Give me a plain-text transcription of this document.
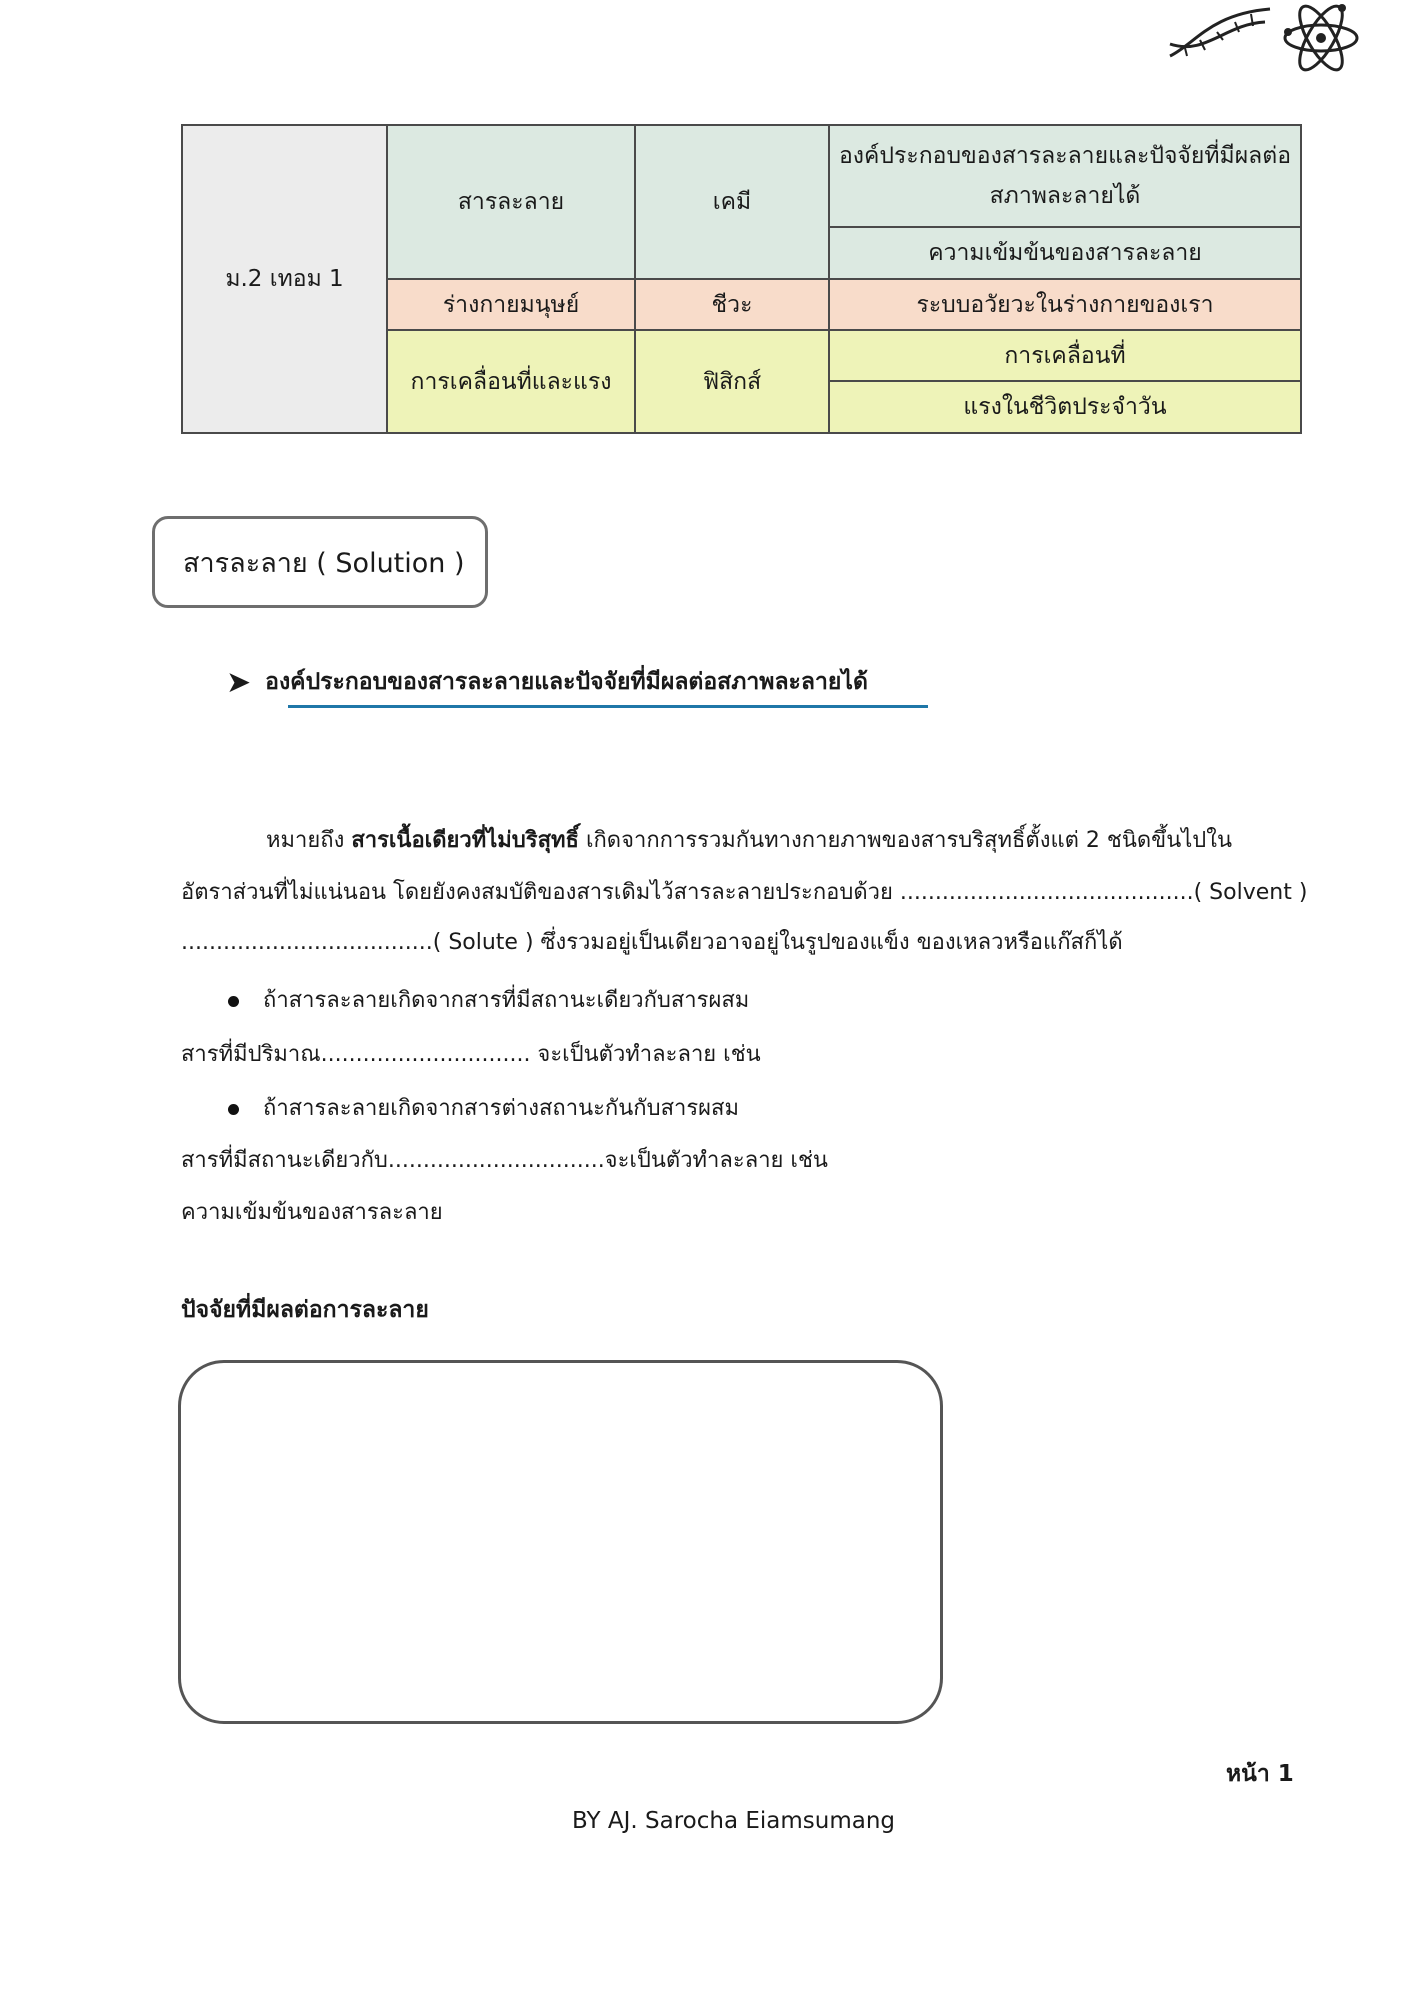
ม.2 เทอม 1	สารละลาย	เคมี	องค์ประกอบของสารละลายและปัจจัยที่มีผลต่อสภาพละลายได้
			ความเข้มข้นของสารละลาย
	ร่างกายมนุษย์	ชีวะ	ระบบอวัยวะในร่างกายของเรา
	การเคลื่อนที่และแรง	ฟิสิกส์	การเคลื่อนที่
			แรงในชีวิตประจำวัน
สารละลาย ( Solution )
➤ องค์ประกอบของสารละลายและปัจจัยที่มีผลต่อสภาพละลายได้
หมายถึง สารเนื้อเดียวที่ไม่บริสุทธิ์ เกิดจากการรวมกันทางกายภาพของสารบริสุทธิ์ตั้งแต่ 2 ชนิดขึ้นไปใน
อัตราส่วนที่ไม่แน่นอน โดยยังคงสมบัติของสารเดิมไว้สารละลายประกอบด้วย ..........................................( Solvent )
....................................( Solute ) ซึ่งรวมอยู่เป็นเดียวอาจอยู่ในรูปของแข็ง ของเหลวหรือแก๊สก็ได้
ถ้าสารละลายเกิดจากสารที่มีสถานะเดียวกับสารผสม
สารที่มีปริมาณ.............................. จะเป็นตัวทำละลาย เช่น
ถ้าสารละลายเกิดจากสารต่างสถานะกันกับสารผสม
สารที่มีสถานะเดียวกับ...............................จะเป็นตัวทำละลาย เช่น
ความเข้มข้นของสารละลาย
ปัจจัยที่มีผลต่อการละลาย
หน้า 1
BY AJ. Sarocha Eiamsumang
